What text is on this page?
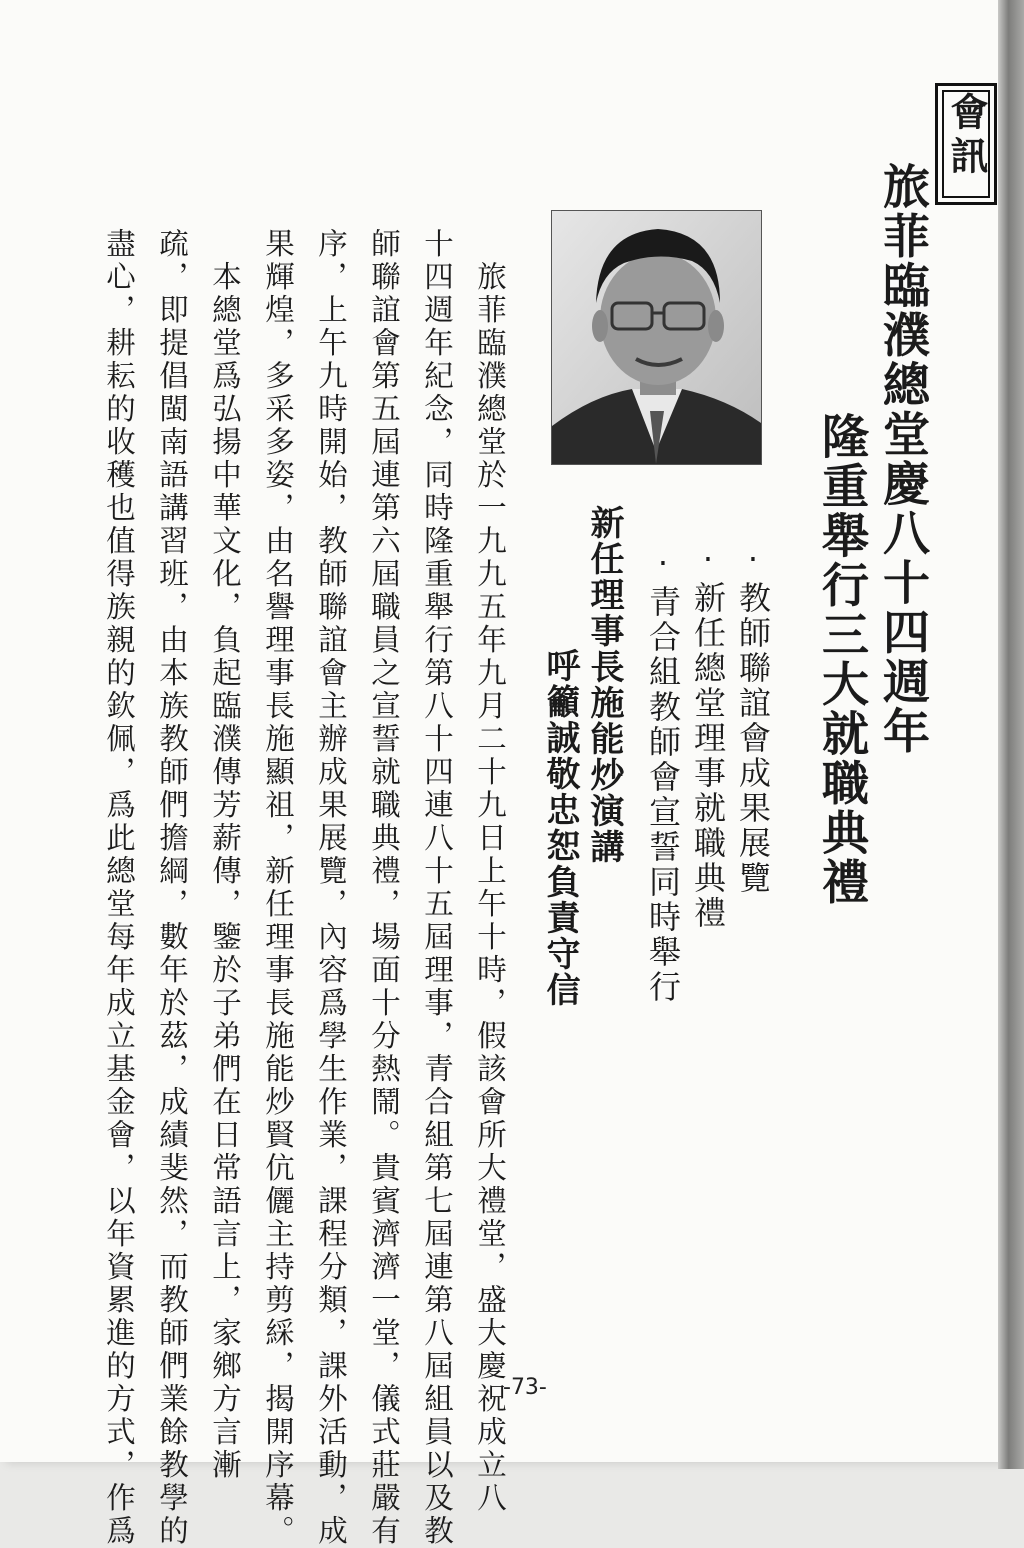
會訊
旅菲臨濮總堂慶八十四週年
隆重舉行三大就職典禮
·教師聯誼會成果展覽
·新任總堂理事就職典禮
·青合組教師會宣誓同時舉行
新任理事長施能炒演講
呼籲誠敬忠恕負責守信
　旅菲臨濮總堂於一九九五年九月二十九日上午十時，假該會所大禮堂，盛大慶祝成立八
十四週年紀念，同時隆重舉行第八十四連八十五屆理事，青合組第七屆連第八屆組員以及教
師聯誼會第五屆連第六屆職員之宣誓就職典禮，場面十分熱鬧。貴賓濟濟一堂，儀式莊嚴有
序，上午九時開始，教師聯誼會主辦成果展覽，內容爲學生作業，課程分類，課外活動，成
果輝煌，多采多姿，由名譽理事長施顯祖，新任理事長施能炒賢伉儷主持剪綵，揭開序幕。
　本總堂爲弘揚中華文化，負起臨濮傳芳薪傳，鑒於子弟們在日常語言上，家鄉方言漸
疏，即提倡閩南語講習班，由本族教師們擔綱，數年於茲，成績斐然，而教師們業餘教學的
盡心，耕耘的收穫也值得族親的欽佩，爲此總堂每年成立基金會，以年資累進的方式，作爲	-73-
